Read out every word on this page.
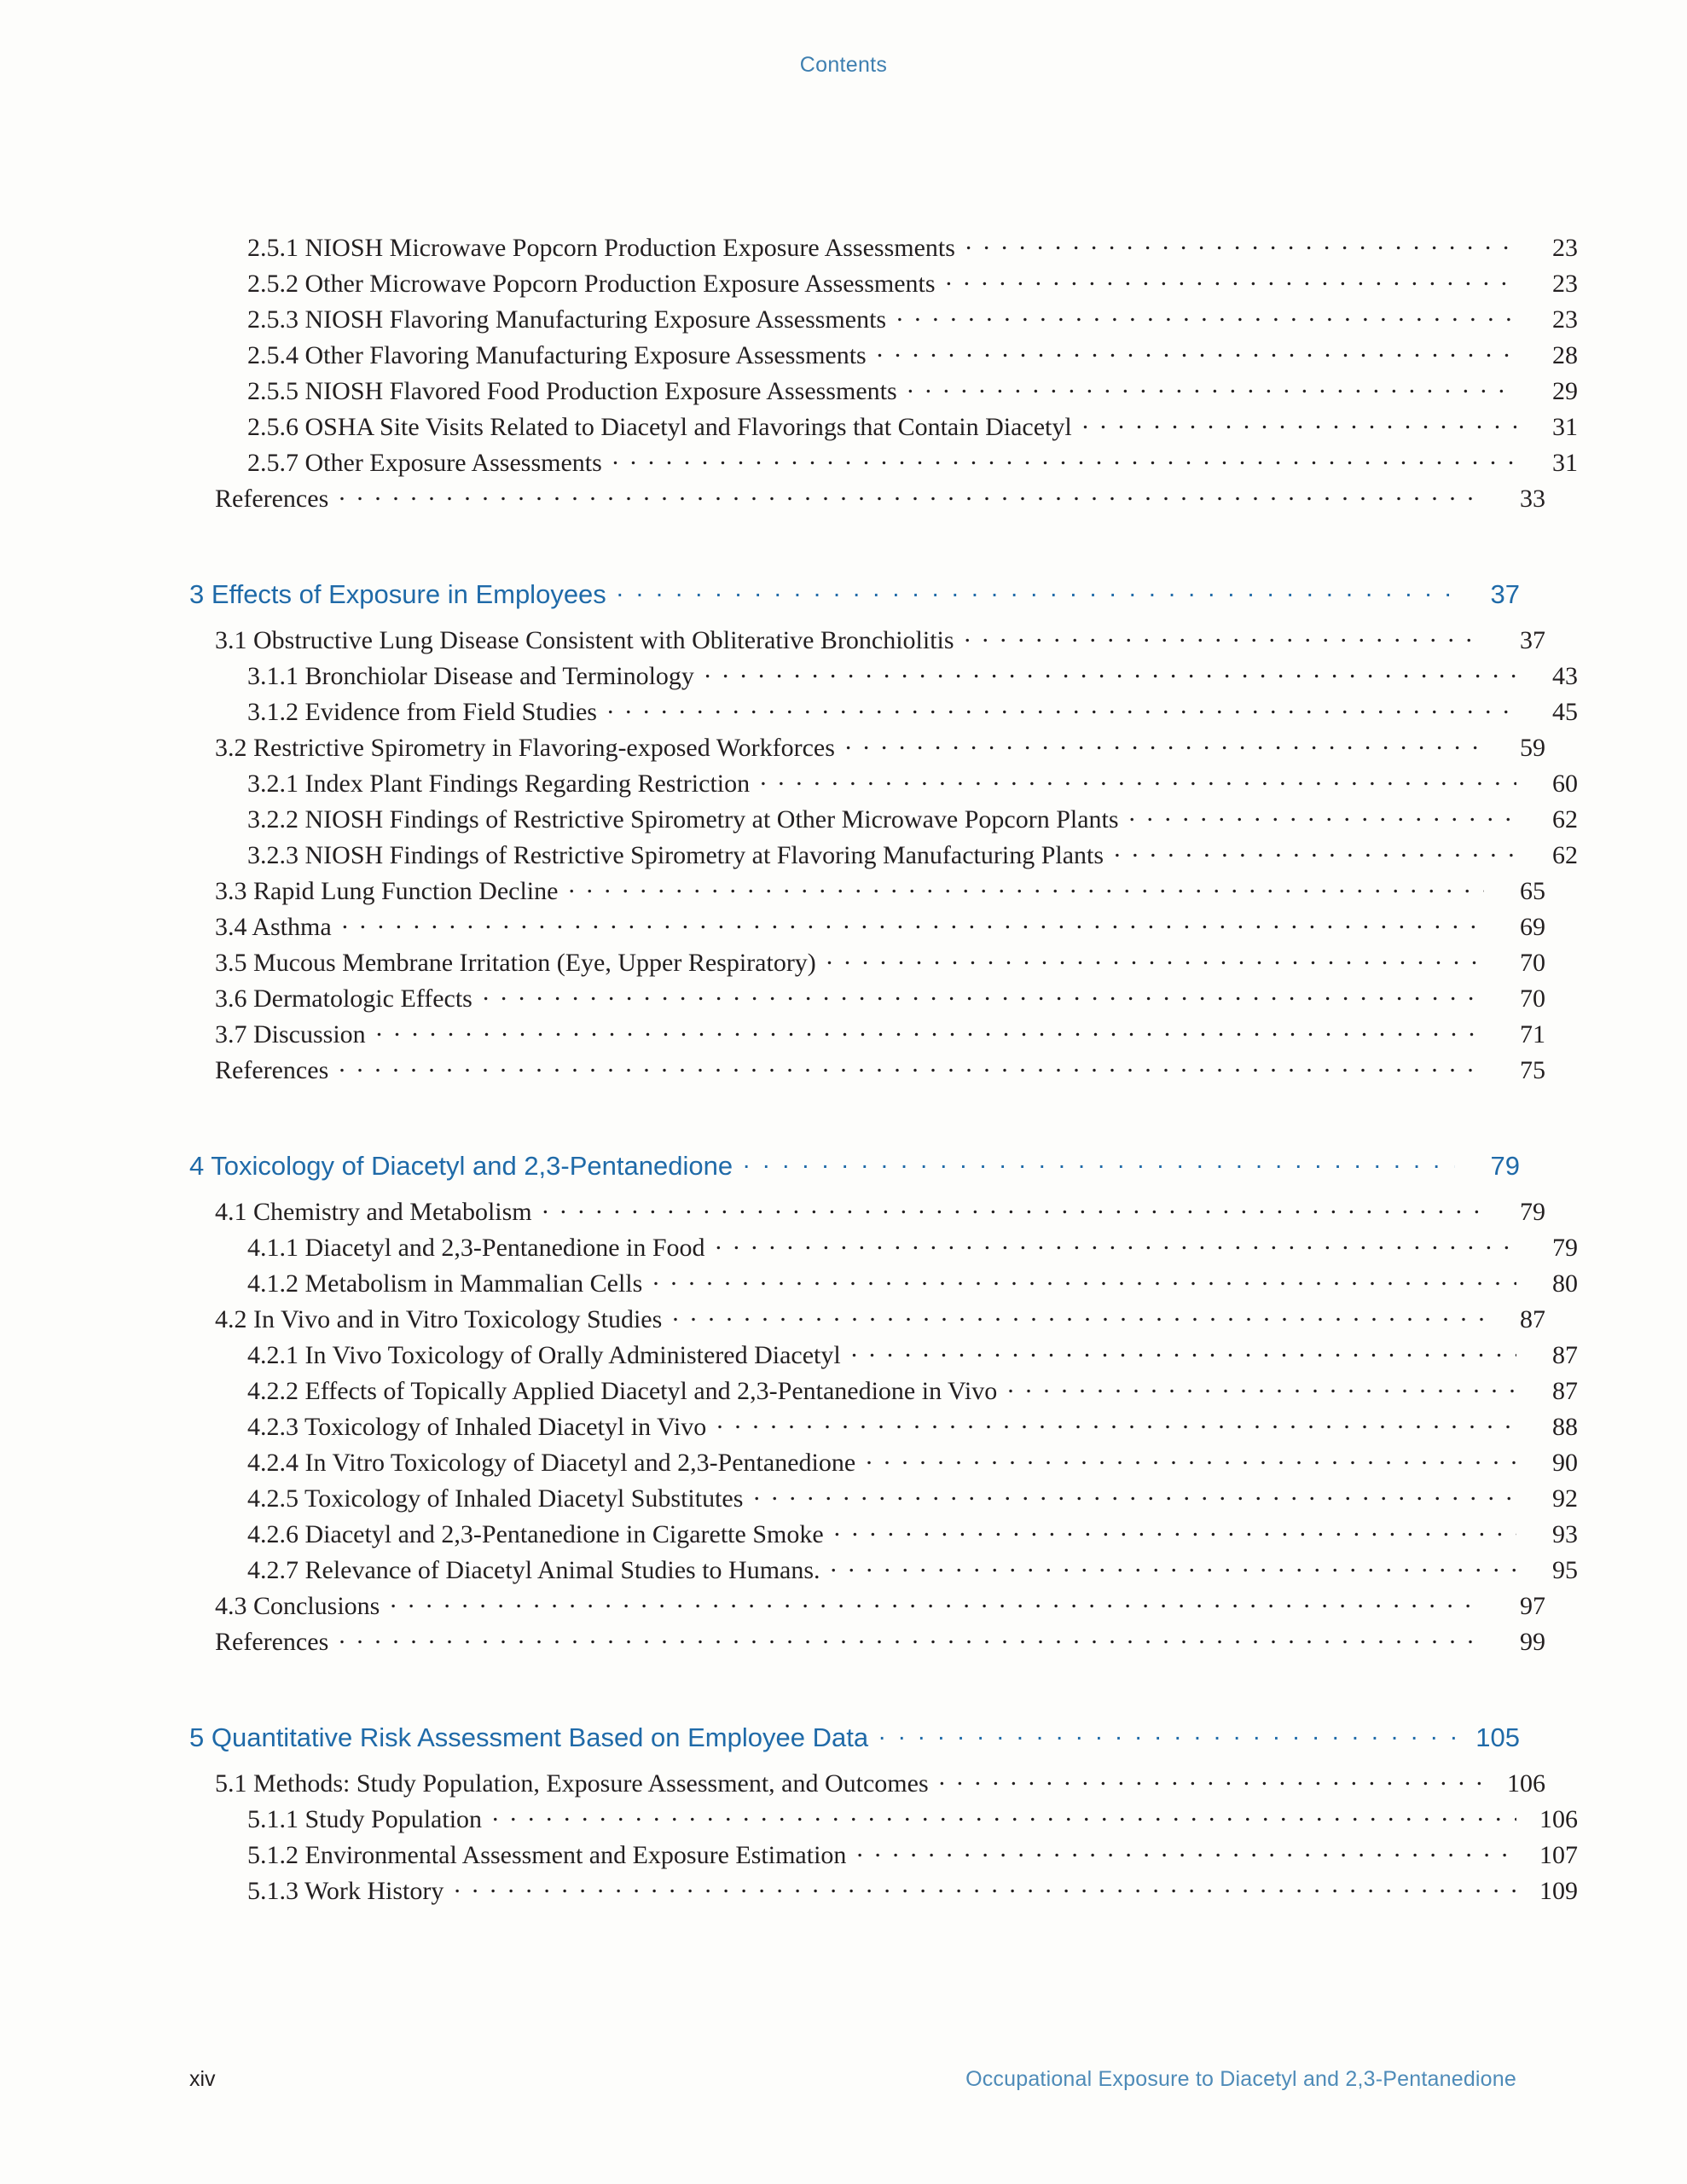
Contents
2.5.1 NIOSH Microwave Popcorn Production Exposure Assessments . . .	23
2.5.2 Other Microwave Popcorn Production Exposure Assessments . . .	23
2.5.3 NIOSH Flavoring Manufacturing Exposure Assessments . . .	23
2.5.4 Other Flavoring Manufacturing Exposure Assessments . . .	28
2.5.5 NIOSH Flavored Food Production Exposure Assessments . . .	29
2.5.6 OSHA Site Visits Related to Diacetyl and Flavorings that Contain Diacetyl . . .	31
2.5.7 Other Exposure Assessments . . .	31
References . . .	33
3 Effects of Exposure in Employees . . .	37
3.1 Obstructive Lung Disease Consistent with Obliterative Bronchiolitis . . .	37
3.1.1 Bronchiolar Disease and Terminology . . .	43
3.1.2 Evidence from Field Studies . . .	45
3.2 Restrictive Spirometry in Flavoring-exposed Workforces . . .	59
3.2.1 Index Plant Findings Regarding Restriction . . .	60
3.2.2 NIOSH Findings of Restrictive Spirometry at Other Microwave Popcorn Plants . . .	62
3.2.3 NIOSH Findings of Restrictive Spirometry at Flavoring Manufacturing Plants . . .	62
3.3 Rapid Lung Function Decline . . .	65
3.4 Asthma . . .	69
3.5 Mucous Membrane Irritation (Eye, Upper Respiratory) . . .	70
3.6 Dermatologic Effects . . .	70
3.7 Discussion . . .	71
References . . .	75
4 Toxicology of Diacetyl and 2,3-Pentanedione . . .	79
4.1 Chemistry and Metabolism . . .	79
4.1.1 Diacetyl and 2,3-Pentanedione in Food . . .	79
4.1.2 Metabolism in Mammalian Cells . . .	80
4.2 In Vivo and in Vitro Toxicology Studies . . .	87
4.2.1 In Vivo Toxicology of Orally Administered Diacetyl . . .	87
4.2.2 Effects of Topically Applied Diacetyl and 2,3-Pentanedione in Vivo . . .	87
4.2.3 Toxicology of Inhaled Diacetyl in Vivo . . .	88
4.2.4 In Vitro Toxicology of Diacetyl and 2,3-Pentanedione . . .	90
4.2.5 Toxicology of Inhaled Diacetyl Substitutes . . .	92
4.2.6 Diacetyl and 2,3-Pentanedione in Cigarette Smoke . . .	93
4.2.7 Relevance of Diacetyl Animal Studies to Humans. . . .	95
4.3 Conclusions . . .	97
References . . .	99
5 Quantitative Risk Assessment Based on Employee Data . . .	105
5.1 Methods: Study Population, Exposure Assessment, and Outcomes . . .	106
5.1.1 Study Population . . .	106
5.1.2 Environmental Assessment and Exposure Estimation . . .	107
5.1.3 Work History . . .	109
xiv	Occupational Exposure to Diacetyl and 2,3-Pentanedione
